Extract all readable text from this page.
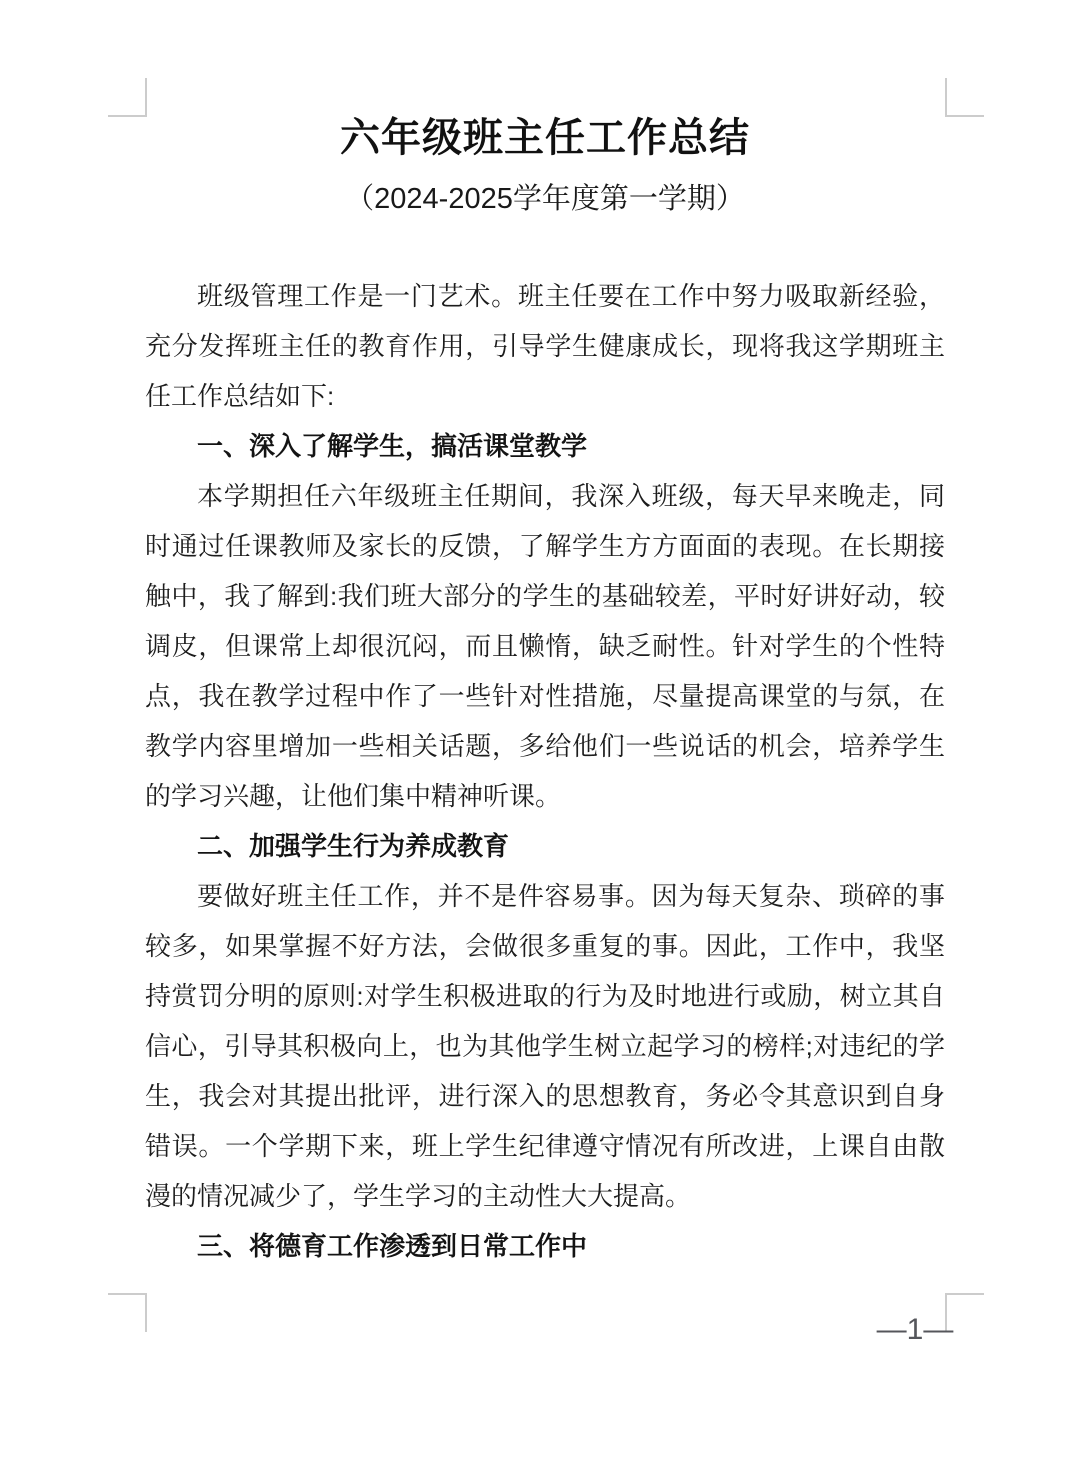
六年级班主任工作总结
（2024-2025学年度第一学期）

班级管理工作是一门艺术。班主任要在工作中努力吸取新经验，充分发挥班主任的教育作用，引导学生健康成长，现将我这学期班主任工作总结如下:

一、深入了解学生，搞活课堂教学

本学期担任六年级班主任期间，我深入班级，每天早来晚走，同时通过任课教师及家长的反馈，了解学生方方面面的表现。在长期接触中，我了解到:我们班大部分的学生的基础较差，平时好讲好动，较调皮，但课常上却很沉闷，而且懒惰，缺乏耐性。针对学生的个性特点，我在教学过程中作了一些针对性措施，尽量提高课堂的与氛，在教学内容里增加一些相关话题，多给他们一些说话的机会，培养学生的学习兴趣，让他们集中精神听课。

二、加强学生行为养成教育

要做好班主任工作，并不是件容易事。因为每天复杂、琐碎的事较多，如果掌握不好方法，会做很多重复的事。因此，工作中，我坚持赏罚分明的原则:对学生积极进取的行为及时地进行或励，树立其自信心，引导其积极向上，也为其他学生树立起学习的榜样;对违纪的学生，我会对其提出批评，进行深入的思想教育，务必令其意识到自身错误。一个学期下来，班上学生纪律遵守情况有所改进，上课自由散漫的情况减少了，学生学习的主动性大大提高。

三、将德育工作渗透到日常工作中

—1—
